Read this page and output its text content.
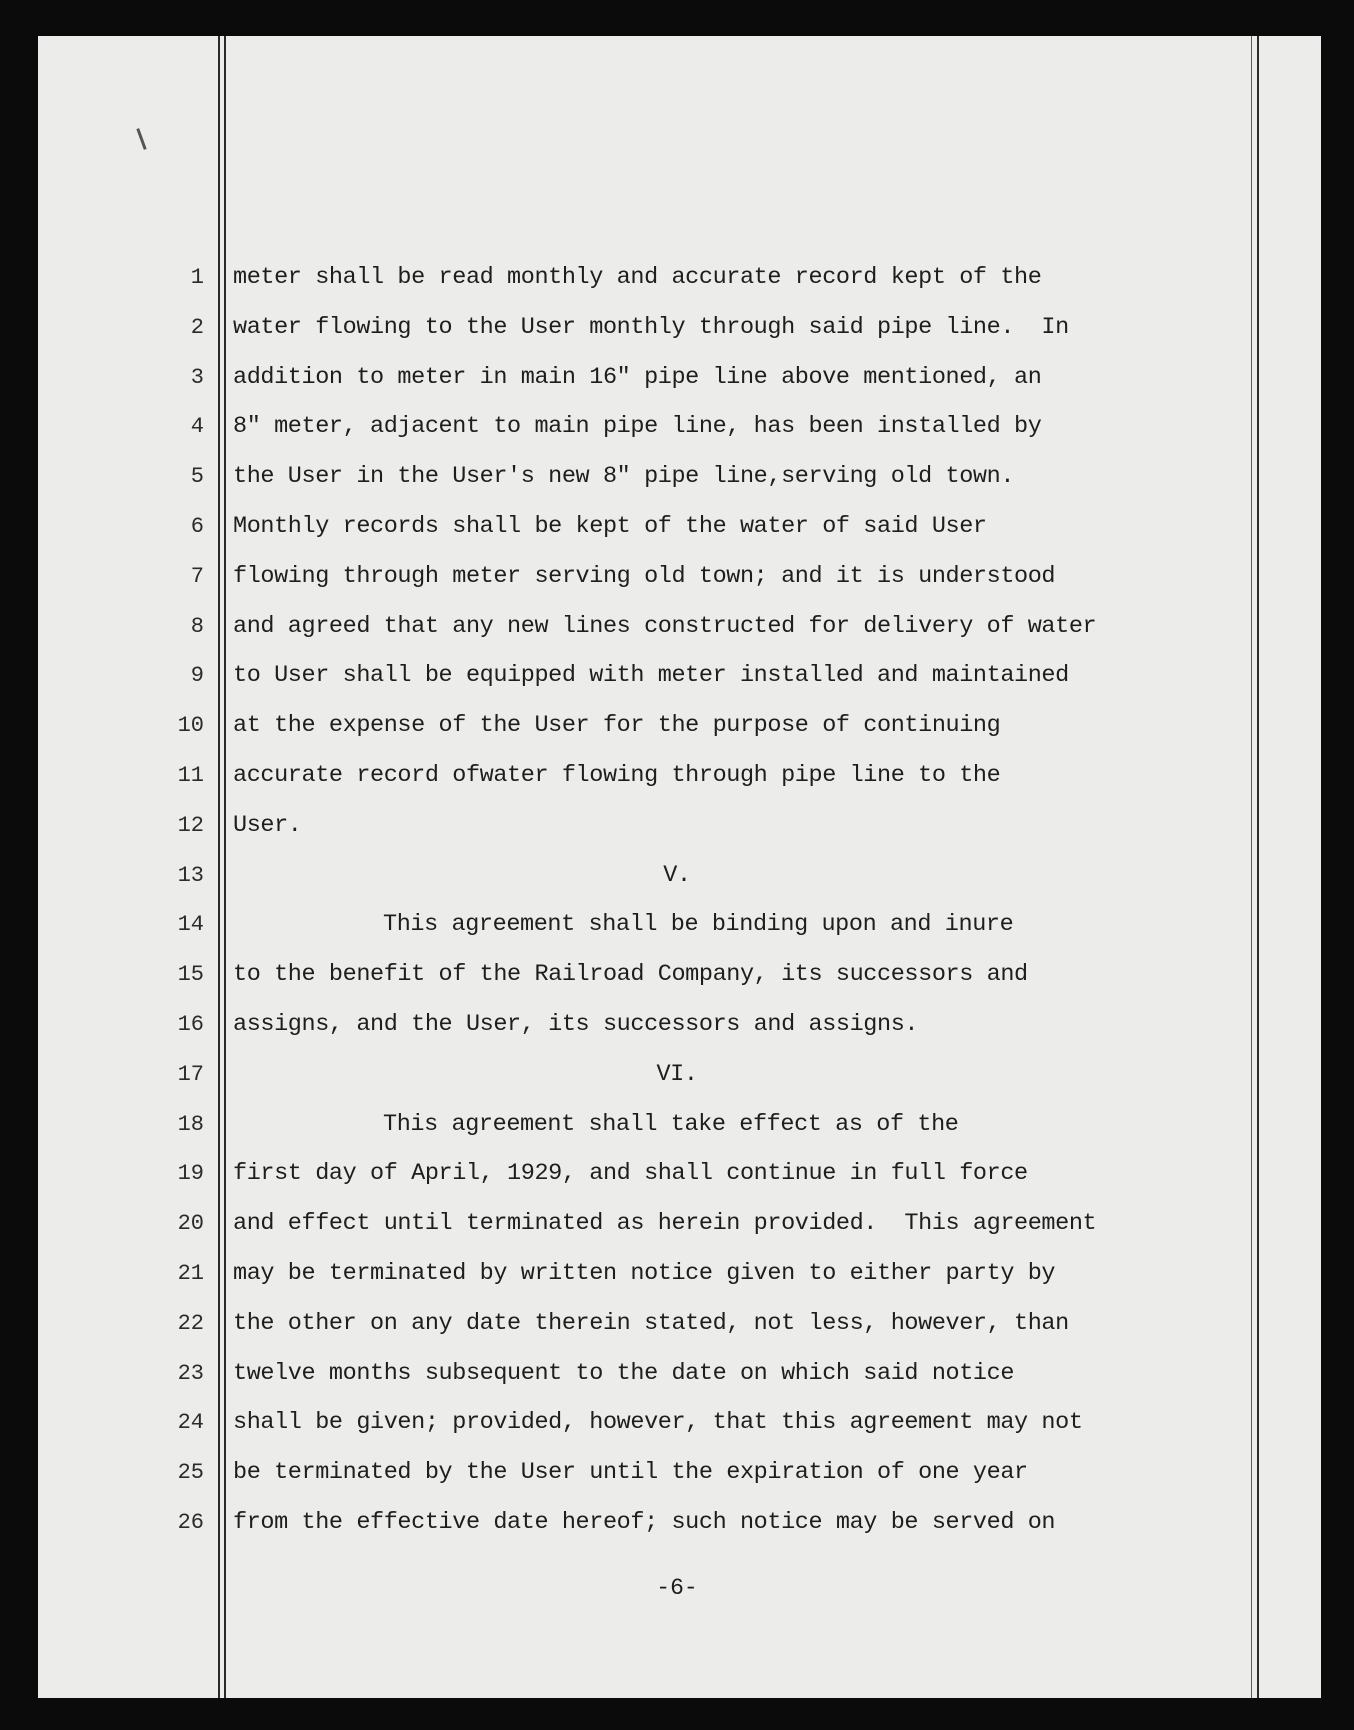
1 meter shall be read monthly and accurate record kept of the
2 water flowing to the User monthly through said pipe line.  In
3 addition to meter in main 16" pipe line above mentioned, an
4 8" meter, adjacent to main pipe line, has been installed by
5 the User in the User's new 8" pipe line,serving old town.
6 Monthly records shall be kept of the water of said User
7 flowing through meter serving old town; and it is understood
8 and agreed that any new lines constructed for delivery of water
9 to User shall be equipped with meter installed and maintained
10 at the expense of the User for the purpose of continuing
11 accurate record ofwater flowing through pipe line to the
12 User.
13	V.
14	This agreement shall be binding upon and inure
15 to the benefit of the Railroad Company, its successors and
16 assigns, and the User, its successors and assigns.
17	VI.
18	This agreement shall take effect as of the
19 first day of April, 1929, and shall continue in full force
20 and effect until terminated as herein provided.  This agreement
21 may be terminated by written notice given to either party by
22 the other on any date therein stated, not less, however, than
23 twelve months subsequent to the date on which said notice
24 shall be given; provided, however, that this agreement may not
25 be terminated by the User until the expiration of one year
26 from the effective date hereof; such notice may be served on
-6-
